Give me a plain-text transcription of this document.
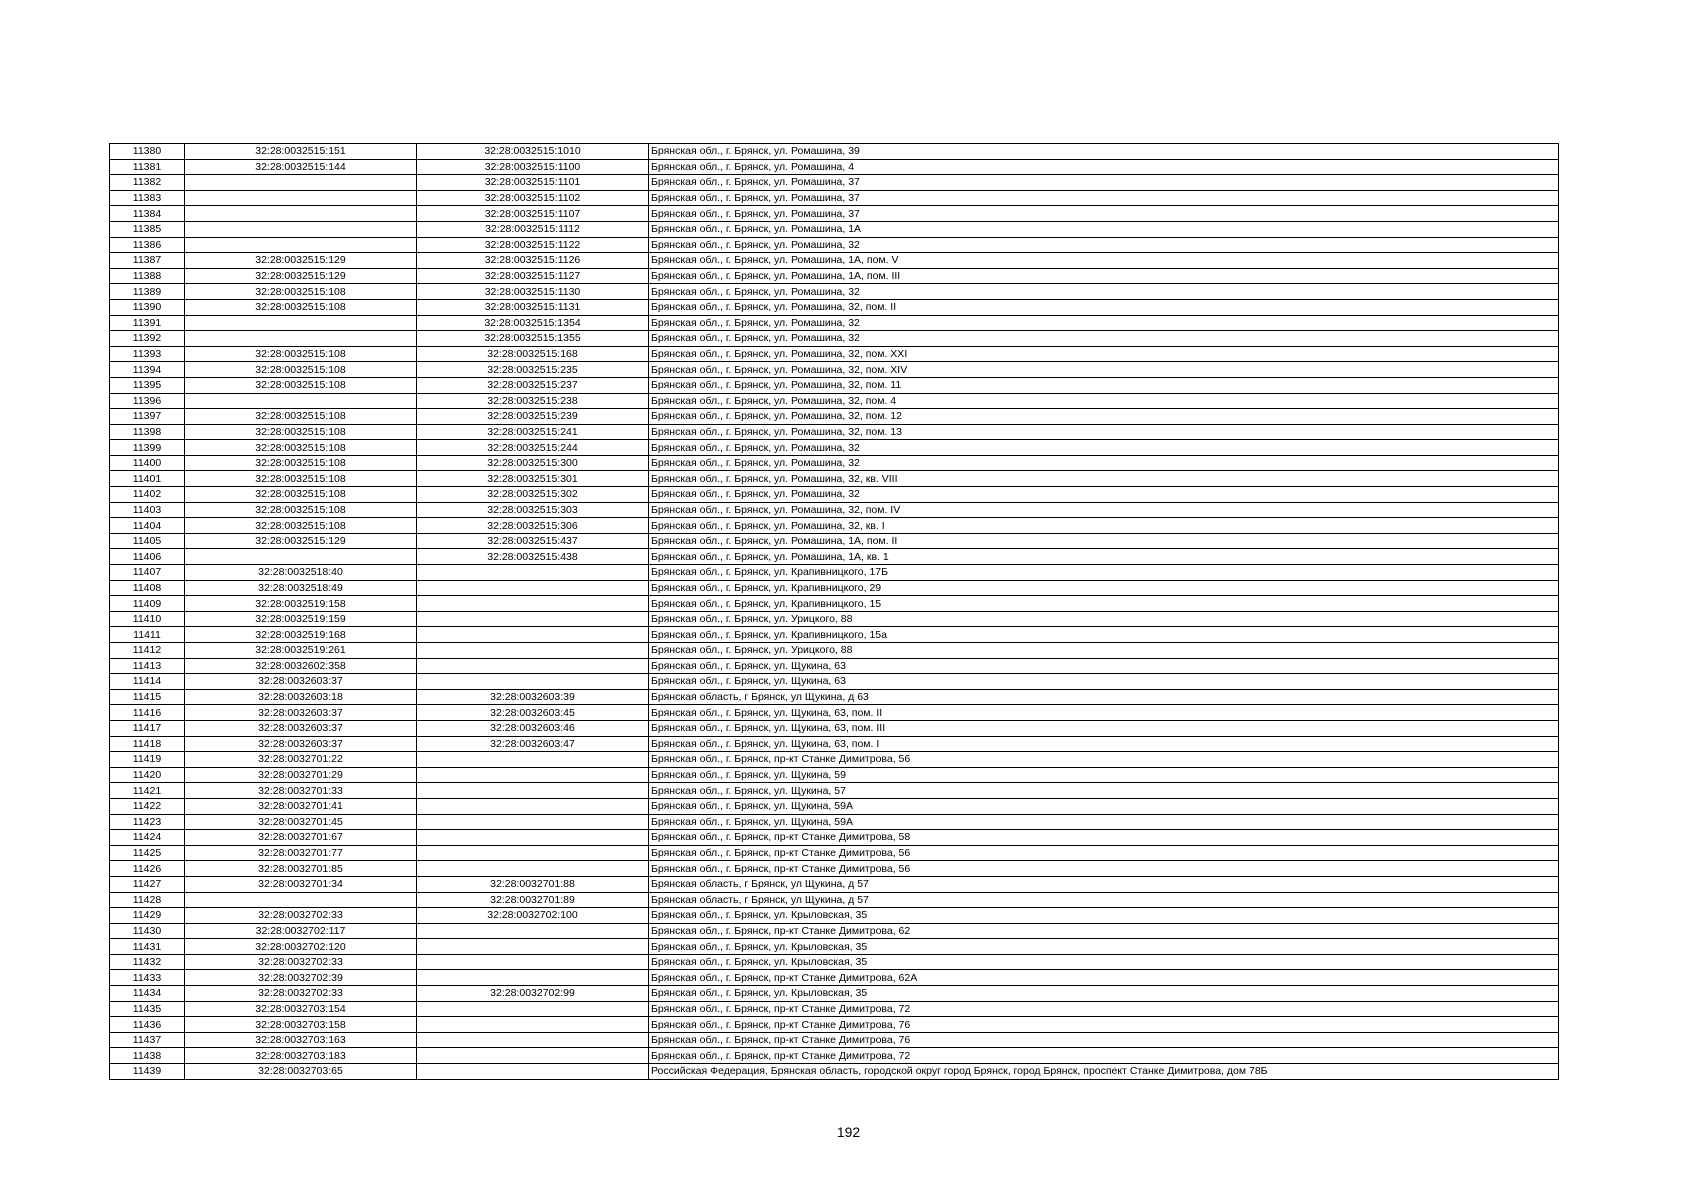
11380	32:28:0032515:151	32:28:0032515:1010	Брянская обл., г. Брянск, ул. Ромашина, 39
11381	32:28:0032515:144	32:28:0032515:1100	Брянская обл., г. Брянск, ул. Ромашина, 4
11382		32:28:0032515:1101	Брянская обл., г. Брянск, ул. Ромашина, 37
11383		32:28:0032515:1102	Брянская обл., г. Брянск, ул. Ромашина, 37
11384		32:28:0032515:1107	Брянская обл., г. Брянск, ул. Ромашина, 37
11385		32:28:0032515:1112	Брянская обл., г. Брянск, ул. Ромашина, 1А
11386		32:28:0032515:1122	Брянская обл., г. Брянск, ул. Ромашина, 32
11387	32:28:0032515:129	32:28:0032515:1126	Брянская обл., г. Брянск, ул. Ромашина, 1А, пом. V
11388	32:28:0032515:129	32:28:0032515:1127	Брянская обл., г. Брянск, ул. Ромашина, 1А, пом. III
11389	32:28:0032515:108	32:28:0032515:1130	Брянская обл., г. Брянск, ул. Ромашина, 32
11390	32:28:0032515:108	32:28:0032515:1131	Брянская обл., г. Брянск, ул. Ромашина, 32, пом. II
11391		32:28:0032515:1354	Брянская обл., г. Брянск, ул. Ромашина, 32
11392		32:28:0032515:1355	Брянская обл., г. Брянск, ул. Ромашина, 32
11393	32:28:0032515:108	32:28:0032515:168	Брянская обл., г. Брянск, ул. Ромашина, 32, пом. XXI
11394	32:28:0032515:108	32:28:0032515:235	Брянская обл., г. Брянск, ул. Ромашина, 32, пом. XIV
11395	32:28:0032515:108	32:28:0032515:237	Брянская обл., г. Брянск, ул. Ромашина, 32, пом. 11
11396		32:28:0032515:238	Брянская обл., г. Брянск, ул. Ромашина, 32, пом. 4
11397	32:28:0032515:108	32:28:0032515:239	Брянская обл., г. Брянск, ул. Ромашина, 32, пом. 12
11398	32:28:0032515:108	32:28:0032515:241	Брянская обл., г. Брянск, ул. Ромашина, 32, пом. 13
11399	32:28:0032515:108	32:28:0032515:244	Брянская обл., г. Брянск, ул. Ромашина, 32
11400	32:28:0032515:108	32:28:0032515:300	Брянская обл., г. Брянск, ул. Ромашина, 32
11401	32:28:0032515:108	32:28:0032515:301	Брянская обл., г. Брянск, ул. Ромашина, 32, кв. VIII
11402	32:28:0032515:108	32:28:0032515:302	Брянская обл., г. Брянск, ул. Ромашина, 32
11403	32:28:0032515:108	32:28:0032515:303	Брянская обл., г. Брянск, ул. Ромашина, 32, пом. IV
11404	32:28:0032515:108	32:28:0032515:306	Брянская обл., г. Брянск, ул. Ромашина, 32, кв. I
11405	32:28:0032515:129	32:28:0032515:437	Брянская обл., г. Брянск, ул. Ромашина, 1А, пом. II
11406		32:28:0032515:438	Брянская обл., г. Брянск, ул. Ромашина, 1А, кв. 1
11407	32:28:0032518:40		Брянская обл., г. Брянск, ул. Крапивницкого, 17Б
11408	32:28:0032518:49		Брянская обл., г. Брянск, ул. Крапивницкого, 29
11409	32:28:0032519:158		Брянская обл., г. Брянск, ул. Крапивницкого, 15
11410	32:28:0032519:159		Брянская обл., г. Брянск, ул. Урицкого, 88
11411	32:28:0032519:168		Брянская обл., г. Брянск, ул. Крапивницкого, 15а
11412	32:28:0032519:261		Брянская обл., г. Брянск, ул. Урицкого, 88
11413	32:28:0032602:358		Брянская обл., г. Брянск, ул. Щукина, 63
11414	32:28:0032603:37		Брянская обл., г. Брянск, ул. Щукина, 63
11415	32:28:0032603:18	32:28:0032603:39	Брянская область, г Брянск, ул Щукина, д 63
11416	32:28:0032603:37	32:28:0032603:45	Брянская обл., г. Брянск, ул. Щукина, 63, пом. II
11417	32:28:0032603:37	32:28:0032603:46	Брянская обл., г. Брянск, ул. Щукина, 63, пом. III
11418	32:28:0032603:37	32:28:0032603:47	Брянская обл., г. Брянск, ул. Щукина, 63, пом. I
11419	32:28:0032701:22		Брянская обл., г. Брянск, пр-кт Станке Димитрова, 56
11420	32:28:0032701:29		Брянская обл., г. Брянск, ул. Щукина, 59
11421	32:28:0032701:33		Брянская обл., г. Брянск, ул. Щукина, 57
11422	32:28:0032701:41		Брянская обл., г. Брянск, ул. Щукина, 59А
11423	32:28:0032701:45		Брянская обл., г. Брянск, ул. Щукина, 59А
11424	32:28:0032701:67		Брянская обл., г. Брянск, пр-кт Станке Димитрова, 58
11425	32:28:0032701:77		Брянская обл., г. Брянск, пр-кт Станке Димитрова, 56
11426	32:28:0032701:85		Брянская обл., г. Брянск, пр-кт Станке Димитрова, 56
11427	32:28:0032701:34	32:28:0032701:88	Брянская область, г Брянск, ул Щукина, д 57
11428		32:28:0032701:89	Брянская область, г Брянск, ул Щукина, д 57
11429	32:28:0032702:33	32:28:0032702:100	Брянская обл., г. Брянск, ул. Крыловская, 35
11430	32:28:0032702:117		Брянская обл., г. Брянск, пр-кт Станке Димитрова, 62
11431	32:28:0032702:120		Брянская обл., г. Брянск, ул. Крыловская, 35
11432	32:28:0032702:33		Брянская обл., г. Брянск, ул. Крыловская, 35
11433	32:28:0032702:39		Брянская обл., г. Брянск, пр-кт Станке Димитрова, 62А
11434	32:28:0032702:33	32:28:0032702:99	Брянская обл., г. Брянск, ул. Крыловская, 35
11435	32:28:0032703:154		Брянская обл., г. Брянск, пр-кт Станке Димитрова, 72
11436	32:28:0032703:158		Брянская обл., г. Брянск, пр-кт Станке Димитрова, 76
11437	32:28:0032703:163		Брянская обл., г. Брянск, пр-кт Станке Димитрова, 76
11438	32:28:0032703:183		Брянская обл., г. Брянск, пр-кт Станке Димитрова, 72
11439	32:28:0032703:65		Российская Федерация, Брянская область, городской округ город Брянск, город Брянск, проспект Станке Димитрова, дом 78Б
192
